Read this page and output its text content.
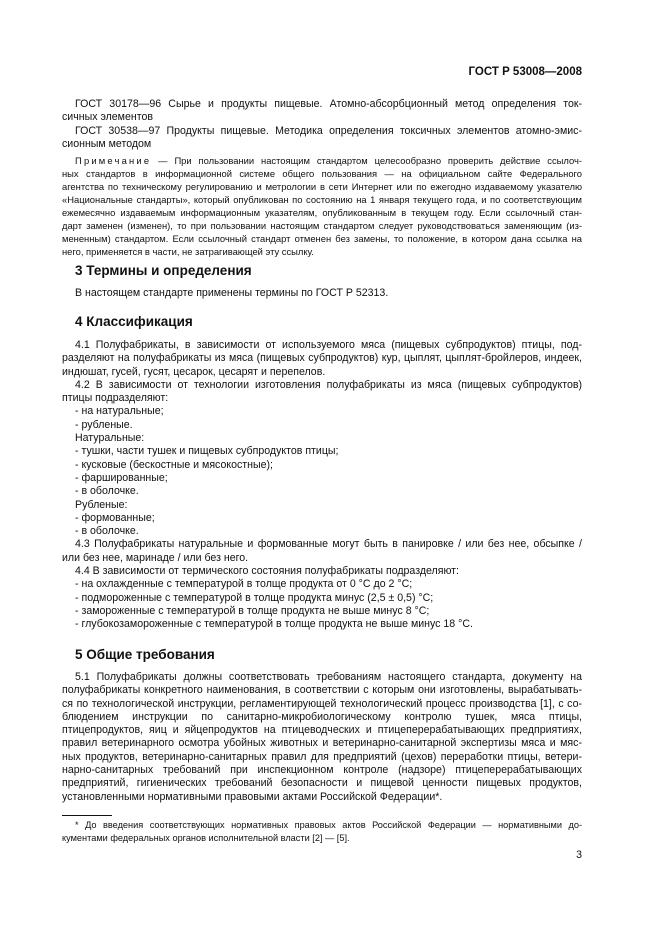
ГОСТ Р 53008—2008
ГОСТ 30178—96 Сырье и продукты пищевые. Атомно-абсорбционный метод определения ток-
сичных элементов
ГОСТ 30538—97 Продукты пищевые. Методика определения токсичных элементов атомно-эмис-
сионным методом
Примечание — При пользовании настоящим стандартом целесообразно проверить действие ссылоч-
ных стандартов в информационной системе общего пользования — на официальном сайте Федерального
агентства по техническому регулированию и метрологии в сети Интернет или по ежегодно издаваемому указателю
«Национальные стандарты», который опубликован по состоянию на 1 января текущего года, и по соответствующим
ежемесячно издаваемым информационным указателям, опубликованным в текущем году. Если ссылочный стан-
дарт заменен (изменен), то при пользовании настоящим стандартом следует руководствоваться заменяющим (из-
мененным) стандартом. Если ссылочный стандарт отменен без замены, то положение, в котором дана ссылка на
него, применяется в части, не затрагивающей эту ссылку.
3 Термины и определения
В настоящем стандарте применены термины по ГОСТ Р 52313.
4 Классификация
4.1 Полуфабрикаты, в зависимости от используемого мяса (пищевых субпродуктов) птицы, под-
разделяют на полуфабрикаты из мяса (пищевых субпродуктов) кур, цыплят, цыплят-бройлеров, индеек,
индюшат, гусей, гусят, цесарок, цесарят и перепелов.
4.2 В зависимости от технологии изготовления полуфабрикаты из мяса (пищевых субпродуктов)
птицы подразделяют:
- на натуральные;
- рубленые.
Натуральные:
- тушки, части тушек и пищевых субпродуктов птицы;
- кусковые (бескостные и мясокостные);
- фаршированные;
- в оболочке.
Рубленые:
- формованные;
- в оболочке.
4.3 Полуфабрикаты натуральные и формованные могут быть в панировке / или без нее, обсыпке /
или без нее, маринаде / или без него.
4.4 В зависимости от термического состояния полуфабрикаты подразделяют:
- на охлажденные с температурой в толще продукта от 0 °С до 2 °С;
- подмороженные с температурой в толще продукта минус (2,5 ± 0,5) °С;
- замороженные с температурой в толще продукта не выше минус 8 °С;
- глубокозамороженные с температурой в толще продукта не выше минус 18 °С.
5 Общие требования
5.1 Полуфабрикаты должны соответствовать требованиям настоящего стандарта, документу на
полуфабрикаты конкретного наименования, в соответствии с которым они изготовлены, вырабатывать-
ся по технологической инструкции, регламентирующей технологический процесс производства [1], с со-
блюдением инструкции по санитарно-микробиологическому контролю тушек, мяса птицы,
птицепродуктов, яиц и яйцепродуктов на птицеводческих и птицеперерабатывающих предприятиях,
правил ветеринарного осмотра убойных животных и ветеринарно-санитарной экспертизы мяса и мяс-
ных продуктов, ветеринарно-санитарных правил для предприятий (цехов) переработки птицы, ветери-
нарно-санитарных требований при инспекционном контроле (надзоре) птицеперерабатывающих
предприятий, гигиенических требований безопасности и пищевой ценности пищевых продуктов,
установленными нормативными правовыми актами Российской Федерации*.
* До введения соответствующих нормативных правовых актов Российской Федерации — нормативными до-
кументами федеральных органов исполнительной власти [2] — [5].
3
